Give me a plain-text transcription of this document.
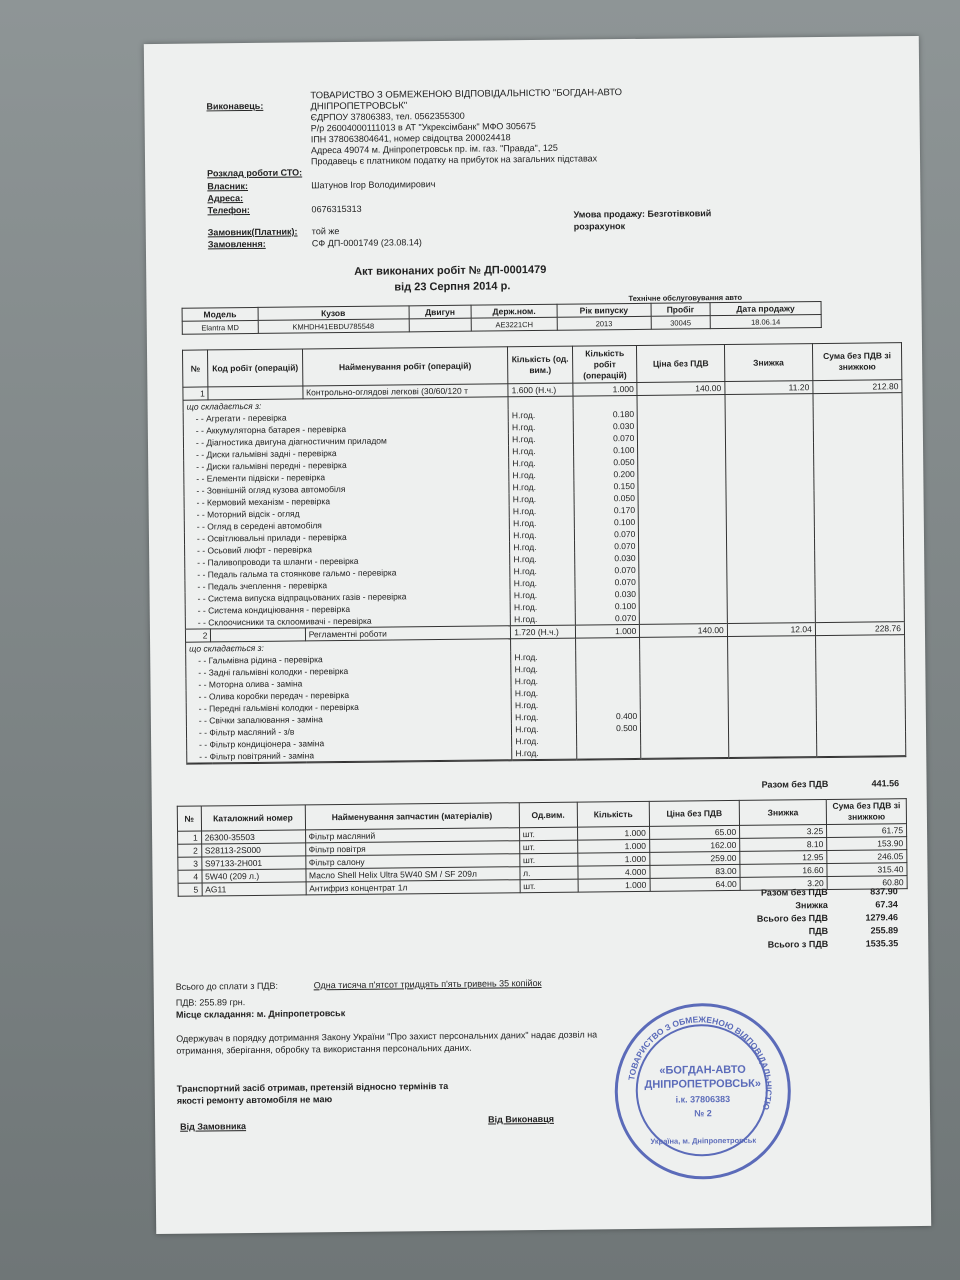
Виконавець:
ТОВАРИСТВО З ОБМЕЖЕНОЮ ВІДПОВІДАЛЬНІСТЮ "БОГДАН-АВТО
ДНІПРОПЕТРОВСЬК"
ЄДРПОУ 37806383, тел. 0562355300
Р/р 26004000111013 в АТ "Укрексімбанк" МФО 305675
ІПН 378063804641, номер свідоцтва 200024418
Адреса 49074 м. Дніпропетровськ пр. ім. газ. "Правда", 125
Продавець є платником податку на прибуток на загальних підставах
Розклад роботи СТО:
Власник:	Шатунов Ігор Володимирович
Адреса:
Телефон:	0676315313
Замовник(Платник): той же
Замовлення:	СФ ДП-0001749 (23.08.14)
Умова продажу: Безготівковий
розрахунок
Акт виконаних робіт № ДП-0001479
від 23 Серпня 2014 р.
Технічне обслуговування авто
Модель	Кузов	Двигун	Держ.ном.	Рік випуску	Пробіг	Дата продажу
Elantra MD	KMHDH41EBDU785548		AE3221CH	2013	30045	18.06.14
№	Код робіт (операцій)	Найменування робіт (операцій)	Кількість (од. вим.)	Кількість робіт (операцій)	Ціна без ПДВ	Знижка	Сума без ПДВ зі знижкою
1		Контрольно-оглядові легкові (30/60/120 т	1.600 (Н.ч.)	1.000	140.00	11.20	212.80
що складається з:							
- - Агрегати - перевірка			Н.год.	0.180			
- - Аккумуляторна батарея - перевірка			Н.год.	0.030			
- - Діагностика двигуна діагностичним приладом			Н.год.	0.070			
- - Диски гальмівні задні - перевірка			Н.год.	0.100			
- - Диски гальмівні передні - перевірка			Н.год.	0.050			
- - Елементи підвіски - перевірка			Н.год.	0.200			
- - Зовнішній огляд кузова автомобіля			Н.год.	0.150			
- - Кермовий механізм - перевірка			Н.год.	0.050			
- - Моторний відсік - огляд			Н.год.	0.170			
- - Огляд в середені автомобіля			Н.год.	0.100			
- - Освітлювальні прилади - перевірка			Н.год.	0.070			
- - Осьовий люфт - перевірка			Н.год.	0.070			
- - Паливопроводи та шланги - перевірка			Н.год.	0.030			
- - Педаль гальма та стоянкове гальмо - перевірка			Н.год.	0.070			
- - Педаль зчеплення - перевірка			Н.год.	0.070			
- - Система випуска відпрацьованих газів - перевірка			Н.год.	0.030			
- - Система кондиціювання - перевірка			Н.год.	0.100			
- - Склоочисники та склоомивачі - перевірка			Н.год.	0.070			
2		Регламентні роботи	1.720 (Н.ч.)	1.000	140.00	12.04	228.76
що складається з:							
- - Гальмівна рідина - перевірка			Н.год.				
- - Задні гальмівні колодки - перевірка			Н.год.				
- - Моторна олива - заміна			Н.год.				
- - Олива коробки передач - перевірка			Н.год.				
- - Передні гальмівні колодки - перевірка			Н.год.				
- - Свічки запалювання - заміна			Н.год.	0.400			
- - Фільтр масляний - з/в			Н.год.	0.500			
- - Фільтр кондиціонера - заміна			Н.год.				
- - Фільтр повітряний - заміна			Н.год.				

Разом без ПДВ	441.56
№	Каталожний номер	Найменування запчастин (матеріалів)	Од.вим.	Кількість	Ціна без ПДВ	Знижка	Сума без ПДВ зі знижкою
1	26300-35503	Фільтр масляний	шт.	1.000	65.00	3.25	61.75
2	S28113-2S000	Фільтр повітря	шт.	1.000	162.00	8.10	153.90
3	S97133-2H001	Фільтр салону	шт.	1.000	259.00	12.95	246.05
4	5W40 (209 л.)	Масло Shell Helix Ultra 5W40 SM / SF 209л	л.	4.000	83.00	16.60	315.40
5	AG11	Антифриз концентрат 1л	шт.	1.000	64.00	3.20	60.80
Разом без ПДВ	837.90
Знижка	67.34
Всього без ПДВ	1279.46
ПДВ	255.89
Всього з ПДВ	1535.35
Всього до сплати з ПДВ:	Одна тисяча п'ятсот тридцять п'ять гривень 35 копійок
ПДВ: 255.89 грн.
Місце складання: м. Дніпропетровськ
Одержувач в порядку дотримання Закону України "Про захист персональних даних" надає дозвіл на
отримання, зберігання, обробку та використання персональних даних.
Транспортний засіб отримав, претензій відносно термінів та
якості ремонту автомобіля не маю
Від Замовника
Від Виконавця
ТОВАРИСТВО З ОБМЕЖЕНОЮ ВІДПОВІДАЛЬНІСТЮ
«БОГДАН-АВТО
ДНІПРОПЕТРОВСЬК»
і.к. 37806383
№ 2
Україна, м. Дніпропетровськ
